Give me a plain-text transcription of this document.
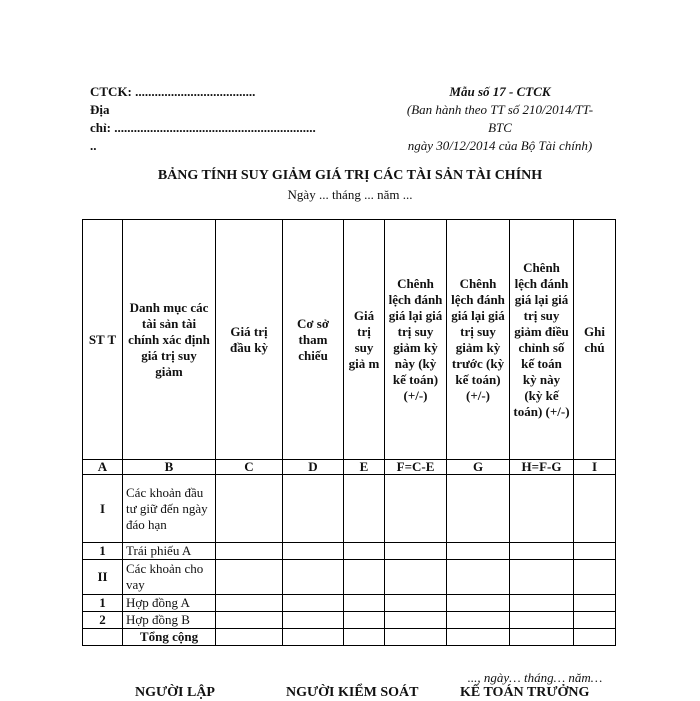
CTCK: .....................................
Địa
chỉ: ..............................................................
..
Mẫu số 17 - CTCK
(Ban hành theo TT số 210/2014/TT-
BTC
ngày 30/12/2014 của Bộ Tài chính)
BẢNG TÍNH SUY GIẢM GIÁ TRỊ CÁC TÀI SẢN TÀI CHÍNH
Ngày ... tháng ... năm ...
ST T	Danh mục các tài sản tài chính xác định giá trị suy giảm	Giá trị đầu kỳ	Cơ sở tham chiếu	Giá trị suy giả m	Chênh lệch đánh giá lại giá trị suy giảm kỳ này (kỳ kế toán) (+/-)	Chênh lệch đánh giá lại giá trị suy giảm kỳ trước (kỳ kế toán) (+/-)	Chênh lệch đánh giá lại giá trị suy giảm điều chỉnh số kế toán kỳ này (kỳ kế toán) (+/-)	Ghi chú
A	B	C	D	E	F=C-E	G	H=F-G	I
I	Các khoản đầu tư giữ đến ngày đáo hạn							
1	Trái phiếu A							
II	Các khoản cho vay							
1	Hợp đồng A							
2	Hợp đồng B							
	Tổng cộng							
..., ngày… tháng… năm…
NGƯỜI LẬP	NGƯỜI KIỂM SOÁT	KẾ TOÁN TRƯỞNG
